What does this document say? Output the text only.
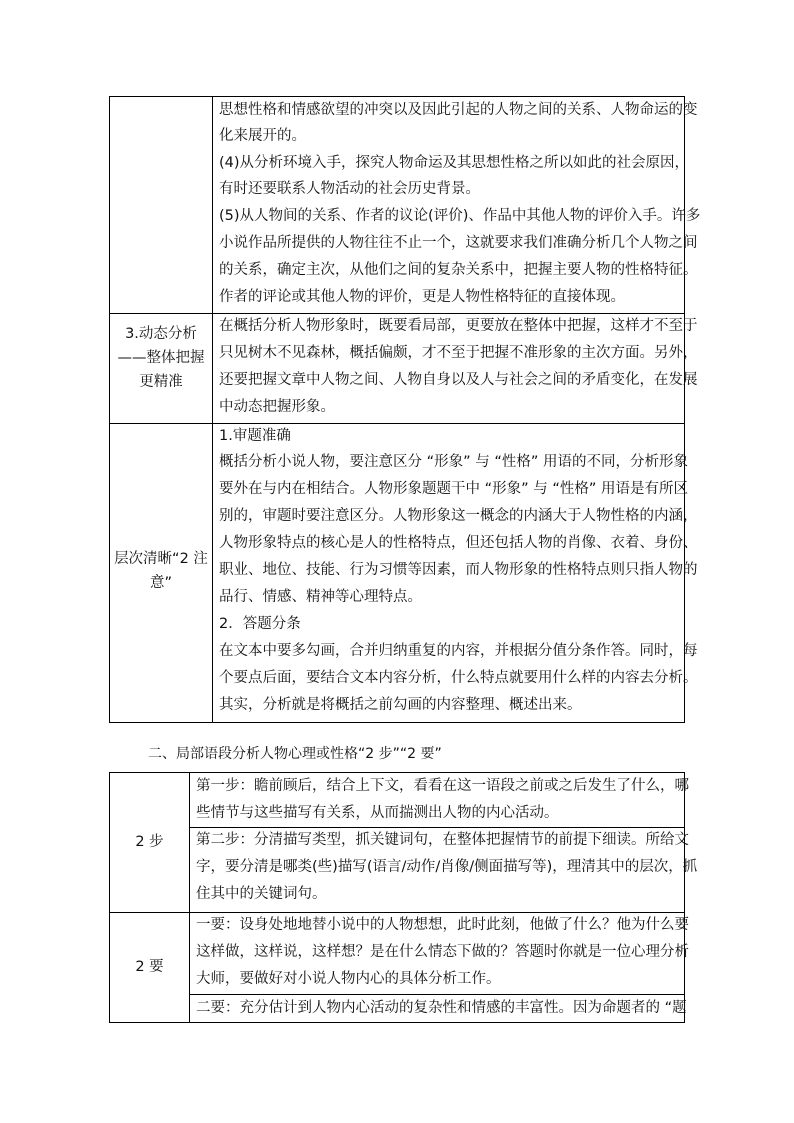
思想性格和情感欲望的冲突以及因此引起的人物之间的关系、人物命运的变
化来展开的。
(4)从分析环境入手，探究人物命运及其思想性格之所以如此的社会原因，
有时还要联系人物活动的社会历史背景。
(5)从人物间的关系、作者的议论(评价)、作品中其他人物的评价入手。许多
小说作品所提供的人物往往不止一个，这就要求我们准确分析几个人物之间
的关系，确定主次，从他们之间的复杂关系中，把握主要人物的性格特征。
作者的评论或其他人物的评价，更是人物性格特征的直接体现。
3.动态分析
——整体把握
更精准
在概括分析人物形象时，既要看局部，更要放在整体中把握，这样才不至于
只见树木不见森林，概括偏颇，才不至于把握不准形象的主次方面。另外，
还要把握文章中人物之间、人物自身以及人与社会之间的矛盾变化，在发展
中动态把握形象。
层次清晰“2 注
意”
1.审题准确
概括分析小说人物，要注意区分 “形象” 与 “性格” 用语的不同，分析形象
要外在与内在相结合。人物形象题题干中 “形象” 与 “性格” 用语是有所区
别的，审题时要注意区分。人物形象这一概念的内涵大于人物性格的内涵，
人物形象特点的核心是人的性格特点，但还包括人物的肖像、衣着、身份、
职业、地位、技能、行为习惯等因素，而人物形象的性格特点则只指人物的
品行、情感、精神等心理特点。
2．答题分条
在文本中要多勾画，合并归纳重复的内容，并根据分值分条作答。同时，每
个要点后面，要结合文本内容分析，什么特点就要用什么样的内容去分析。
其实，分析就是将概括之前勾画的内容整理、概述出来。
二、局部语段分析人物心理或性格“2 步”“2 要”
2 步
2 要
第一步：瞻前顾后，结合上下文，看看在这一语段之前或之后发生了什么，哪
些情节与这些描写有关系，从而揣测出人物的内心活动。
第二步：分清描写类型，抓关键词句，在整体把握情节的前提下细读。所给文
字，要分清是哪类(些)描写(语言/动作/肖像/侧面描写等)，理清其中的层次，抓
住其中的关键词句。
一要：设身处地地替小说中的人物想想，此时此刻，他做了什么？他为什么要
这样做，这样说，这样想？是在什么情态下做的？答题时你就是一位心理分析
大师，要做好对小说人物内心的具体分析工作。
二要：充分估计到人物内心活动的复杂性和情感的丰富性。因为命题者的 “题
